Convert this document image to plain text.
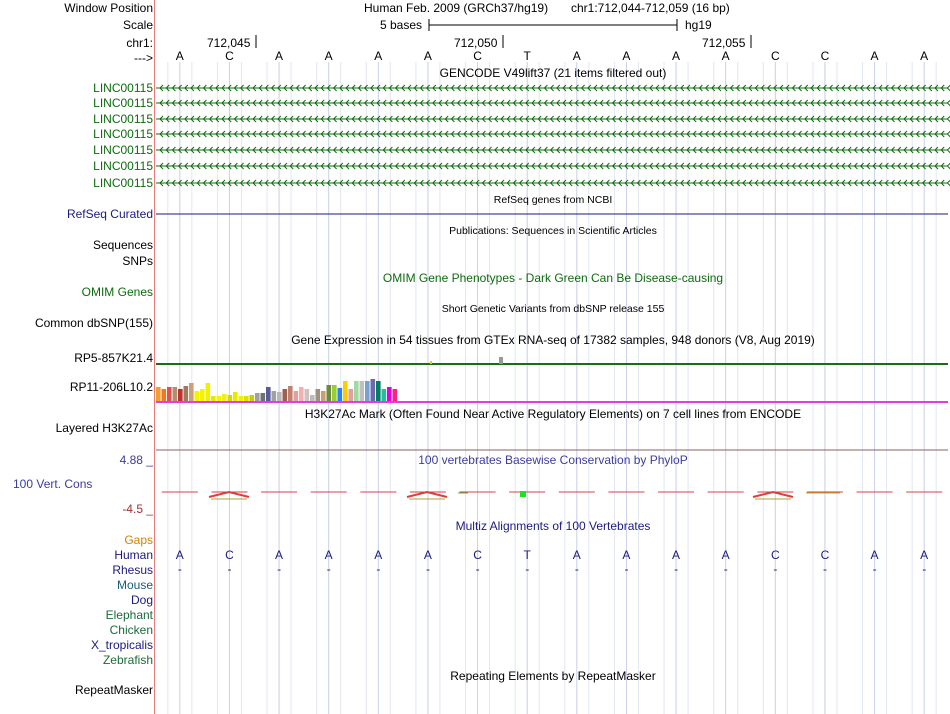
Window Position
Scale
chr1:
--->
Human Feb. 2009 (GRCh37/hg19) chr1:712,044-712,059 (16 bp)
5 bases	hg19
712,045	712,050	712,055
A	C	A	A	A	A	C	T	A	A	A	A	C	C	A	A
GENCODE V49lift37 (21 items filtered out)
LINC00115
LINC00115
LINC00115
LINC00115
LINC00115
LINC00115
LINC00115
RefSeq genes from NCBI
RefSeq Curated
Publications: Sequences in Scientific Articles
Sequences
SNPs
OMIM Gene Phenotypes - Dark Green Can Be Disease-causing
OMIM Genes
Short Genetic Variants from dbSNP release 155
Common dbSNP(155)
Gene Expression in 54 tissues from GTEx RNA-seq of 17382 samples, 948 donors (V8, Aug 2019)
RP5-857K21.4
RP11-206L10.2
H3K27Ac Mark (Often Found Near Active Regulatory Elements) on 7 cell lines from ENCODE
Layered H3K27Ac
100 vertebrates Basewise Conservation by PhyloP
4.88 _
100 Vert. Cons
-4.5 _
Multiz Alignments of 100 Vertebrates
Gaps
Human
Rhesus
Mouse
Dog
Elephant
Chicken
X_tropicalis
Zebrafish
A	C	A	A	A	A	C	T	A	A	A	A	C	C	A	A
-	-	-	-	-	-	-	-	-	-	-	-	-	-	-	-
Repeating Elements by RepeatMasker
RepeatMasker
